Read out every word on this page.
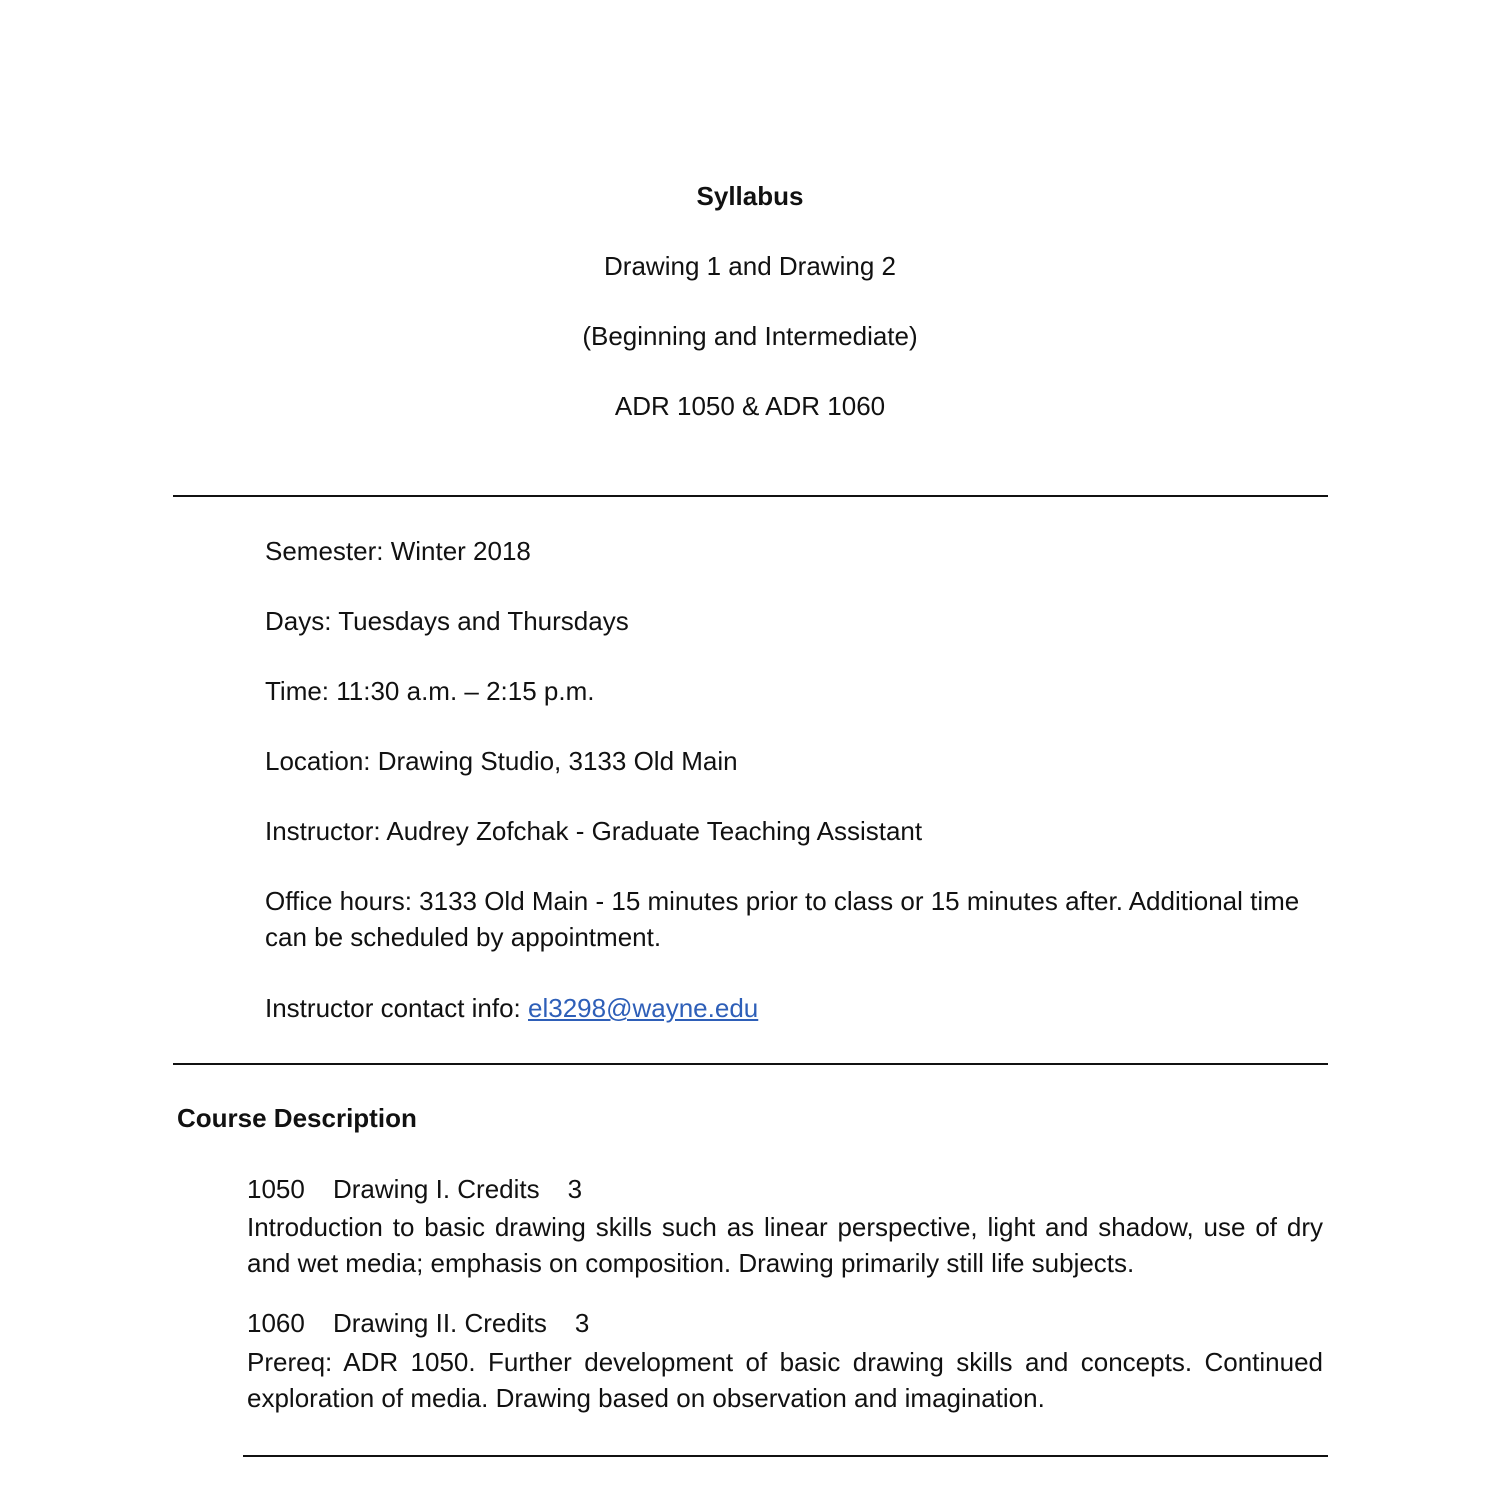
Syllabus
Drawing 1 and Drawing 2
(Beginning and Intermediate)
ADR 1050 & ADR 1060
Semester: Winter 2018
Days: Tuesdays and Thursdays
Time: 11:30 a.m. – 2:15 p.m.
Location: Drawing Studio, 3133 Old Main
Instructor: Audrey Zofchak - Graduate Teaching Assistant
Office hours: 3133 Old Main - 15 minutes prior to class or 15 minutes after. Additional time can be scheduled by appointment.
Instructor contact info: el3298@wayne.edu
Course Description
1050 Drawing I. Credits 3
Introduction to basic drawing skills such as linear perspective, light and shadow, use of dry and wet media; emphasis on composition. Drawing primarily still life subjects.
1060 Drawing II. Credits 3
Prereq: ADR 1050. Further development of basic drawing skills and concepts. Continued exploration of media. Drawing based on observation and imagination.
